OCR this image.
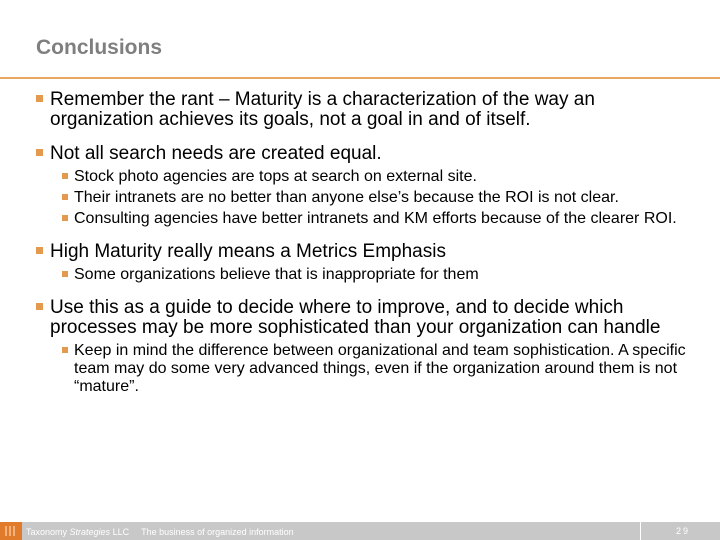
Conclusions
Remember the rant – Maturity is a characterization of the way an organization achieves its goals, not a goal in and of itself.
Not all search needs are created equal.
Stock photo agencies are tops at search on external site.
Their intranets are no better than anyone else’s because the ROI is not clear.
Consulting agencies have better intranets and KM efforts because of the clearer ROI.
High Maturity really means a Metrics Emphasis
Some organizations believe that is inappropriate for them
Use this as a guide to decide where to improve, and to decide which processes may be more sophisticated than your organization can handle
Keep in mind the difference between organizational and team sophistication. A specific team may do some very advanced things, even if the organization around them is not “mature”.
Taxonomy Strategies LLC The business of organized information	29
